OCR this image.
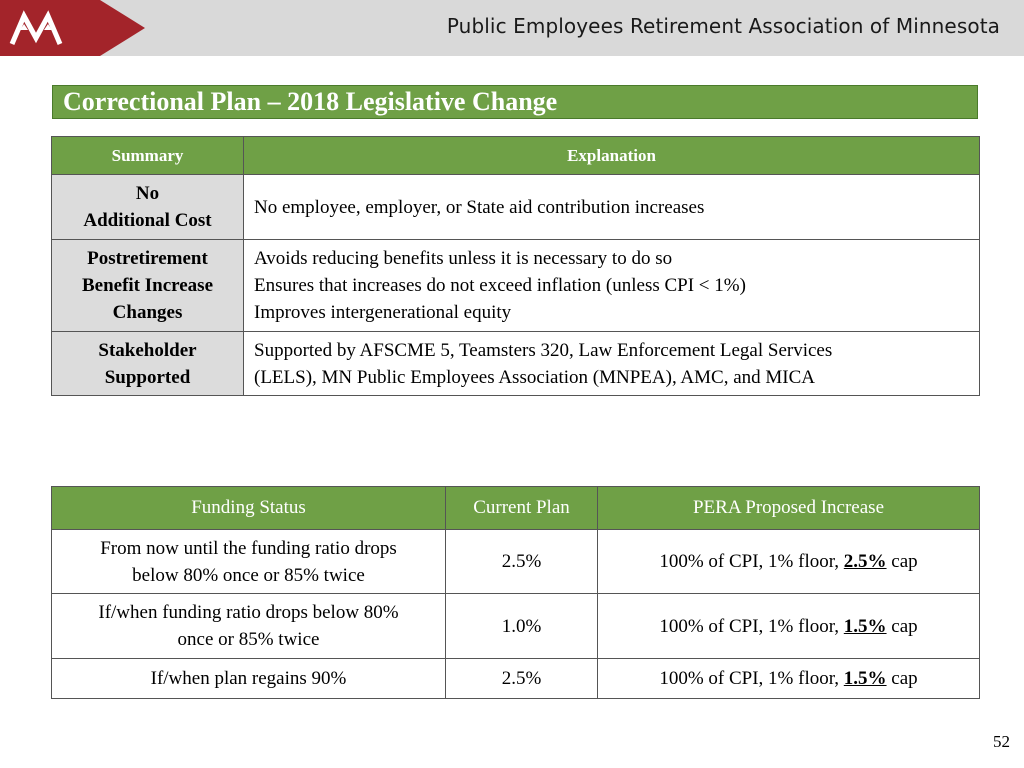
Public Employees Retirement Association of Minnesota
Correctional Plan – 2018 Legislative Change
Summary	Explanation

No
Additional Cost	No employee, employer, or State aid contribution increases

Postretirement
Benefit Increase
Changes	Avoids reducing benefits unless it is necessary to do so
Ensures that increases do not exceed inflation (unless CPI < 1%)
Improves intergenerational equity

Stakeholder
Supported	Supported by AFSCME 5, Teamsters 320, Law Enforcement Legal Services
(LELS), MN Public Employees Association (MNPEA), AMC, and MICA
Funding Status	Current Plan	PERA Proposed Increase

From now until the funding ratio drops
below 80% once or 85% twice	2.5%	100% of CPI, 1% floor, 2.5% cap

If/when funding ratio drops below 80%
once or 85% twice	1.0%	100% of CPI, 1% floor, 1.5% cap

If/when plan regains 90%	2.5%	100% of CPI, 1% floor, 1.5% cap
52
